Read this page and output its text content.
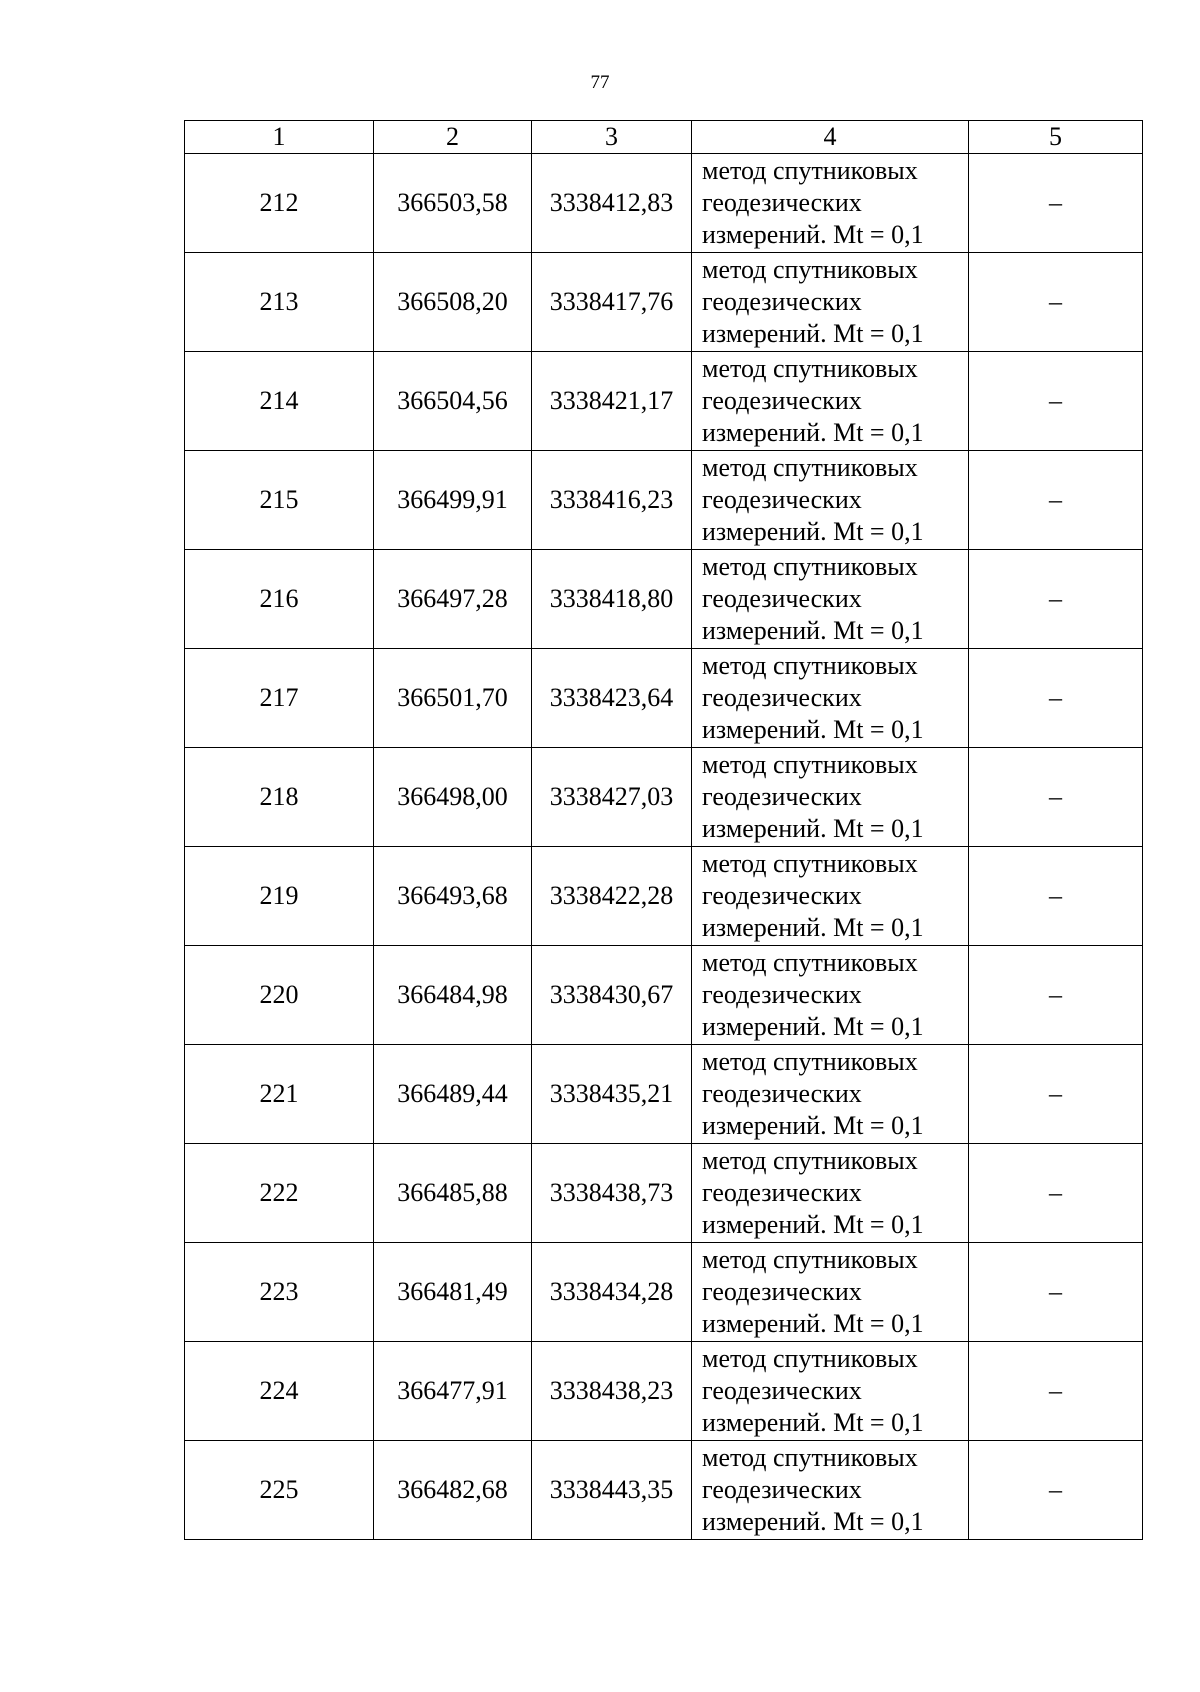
77
1	2	3	4	5
212	366503,58	3338412,83	метод спутниковых
геодезических
измерений. Mt = 0,1	–
213	366508,20	3338417,76	метод спутниковых
геодезических
измерений. Mt = 0,1	–
214	366504,56	3338421,17	метод спутниковых
геодезических
измерений. Mt = 0,1	–
215	366499,91	3338416,23	метод спутниковых
геодезических
измерений. Mt = 0,1	–
216	366497,28	3338418,80	метод спутниковых
геодезических
измерений. Mt = 0,1	–
217	366501,70	3338423,64	метод спутниковых
геодезических
измерений. Mt = 0,1	–
218	366498,00	3338427,03	метод спутниковых
геодезических
измерений. Mt = 0,1	–
219	366493,68	3338422,28	метод спутниковых
геодезических
измерений. Mt = 0,1	–
220	366484,98	3338430,67	метод спутниковых
геодезических
измерений. Mt = 0,1	–
221	366489,44	3338435,21	метод спутниковых
геодезических
измерений. Mt = 0,1	–
222	366485,88	3338438,73	метод спутниковых
геодезических
измерений. Mt = 0,1	–
223	366481,49	3338434,28	метод спутниковых
геодезических
измерений. Mt = 0,1	–
224	366477,91	3338438,23	метод спутниковых
геодезических
измерений. Mt = 0,1	–
225	366482,68	3338443,35	метод спутниковых
геодезических
измерений. Mt = 0,1	–
